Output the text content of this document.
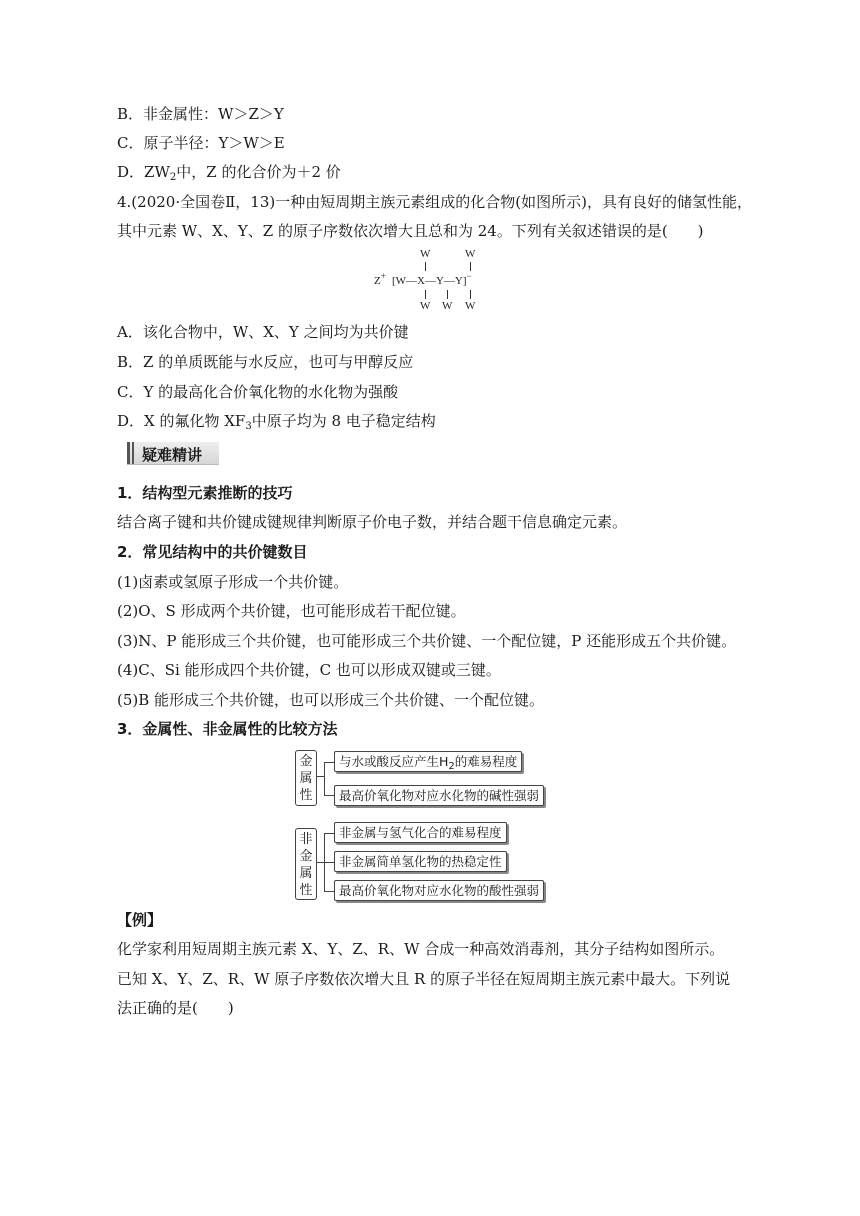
B．非金属性：W＞Z＞Y
C．原子半径：Y＞W＞E
D．$ZW_2$中，Z 的化合价为＋2 价
4.(2020·全国卷Ⅱ，13)一种由短周期主族元素组成的化合物(如图所示)，具有良好的储氢性能，
其中元素 W、X、Y、Z 的原子序数依次增大且总和为 24。下列有关叙述错误的是(　　)
W	W
Z+ [W—X—Y—Y]−
W W W
A．该化合物中，W、X、Y 之间均为共价键
B．Z 的单质既能与水反应，也可与甲醇反应
C．Y 的最高化合价氧化物的水化物为强酸
D．X 的氟化物 $XF_3$中原子均为 8 电子稳定结构
疑难精讲
1．结构型元素推断的技巧
结合离子键和共价键成键规律判断原子价电子数，并结合题干信息确定元素。
2．常见结构中的共价键数目
(1)卤素或氢原子形成一个共价键。
(2)O、S 形成两个共价键，也可能形成若干配位键。
(3)N、P 能形成三个共价键，也可能形成三个共价键、一个配位键，P 还能形成五个共价键。
(4)C、Si 能形成四个共价键，C 也可以形成双键或三键。
(5)B 能形成三个共价键，也可以形成三个共价键、一个配位键。
3．金属性、非金属性的比较方法
金属性
与水或酸反应产生$H_2$的难易程度
最高价氧化物对应水化物的碱性强弱
非金属性
非金属与氢气化合的难易程度
非金属简单氢化物的热稳定性
最高价氧化物对应水化物的酸性强弱
【例】
化学家利用短周期主族元素 X、Y、Z、R、W 合成一种高效消毒剂，其分子结构如图所示。
已知 X、Y、Z、R、W 原子序数依次增大且 R 的原子半径在短周期主族元素中最大。下列说
法正确的是(　　)
